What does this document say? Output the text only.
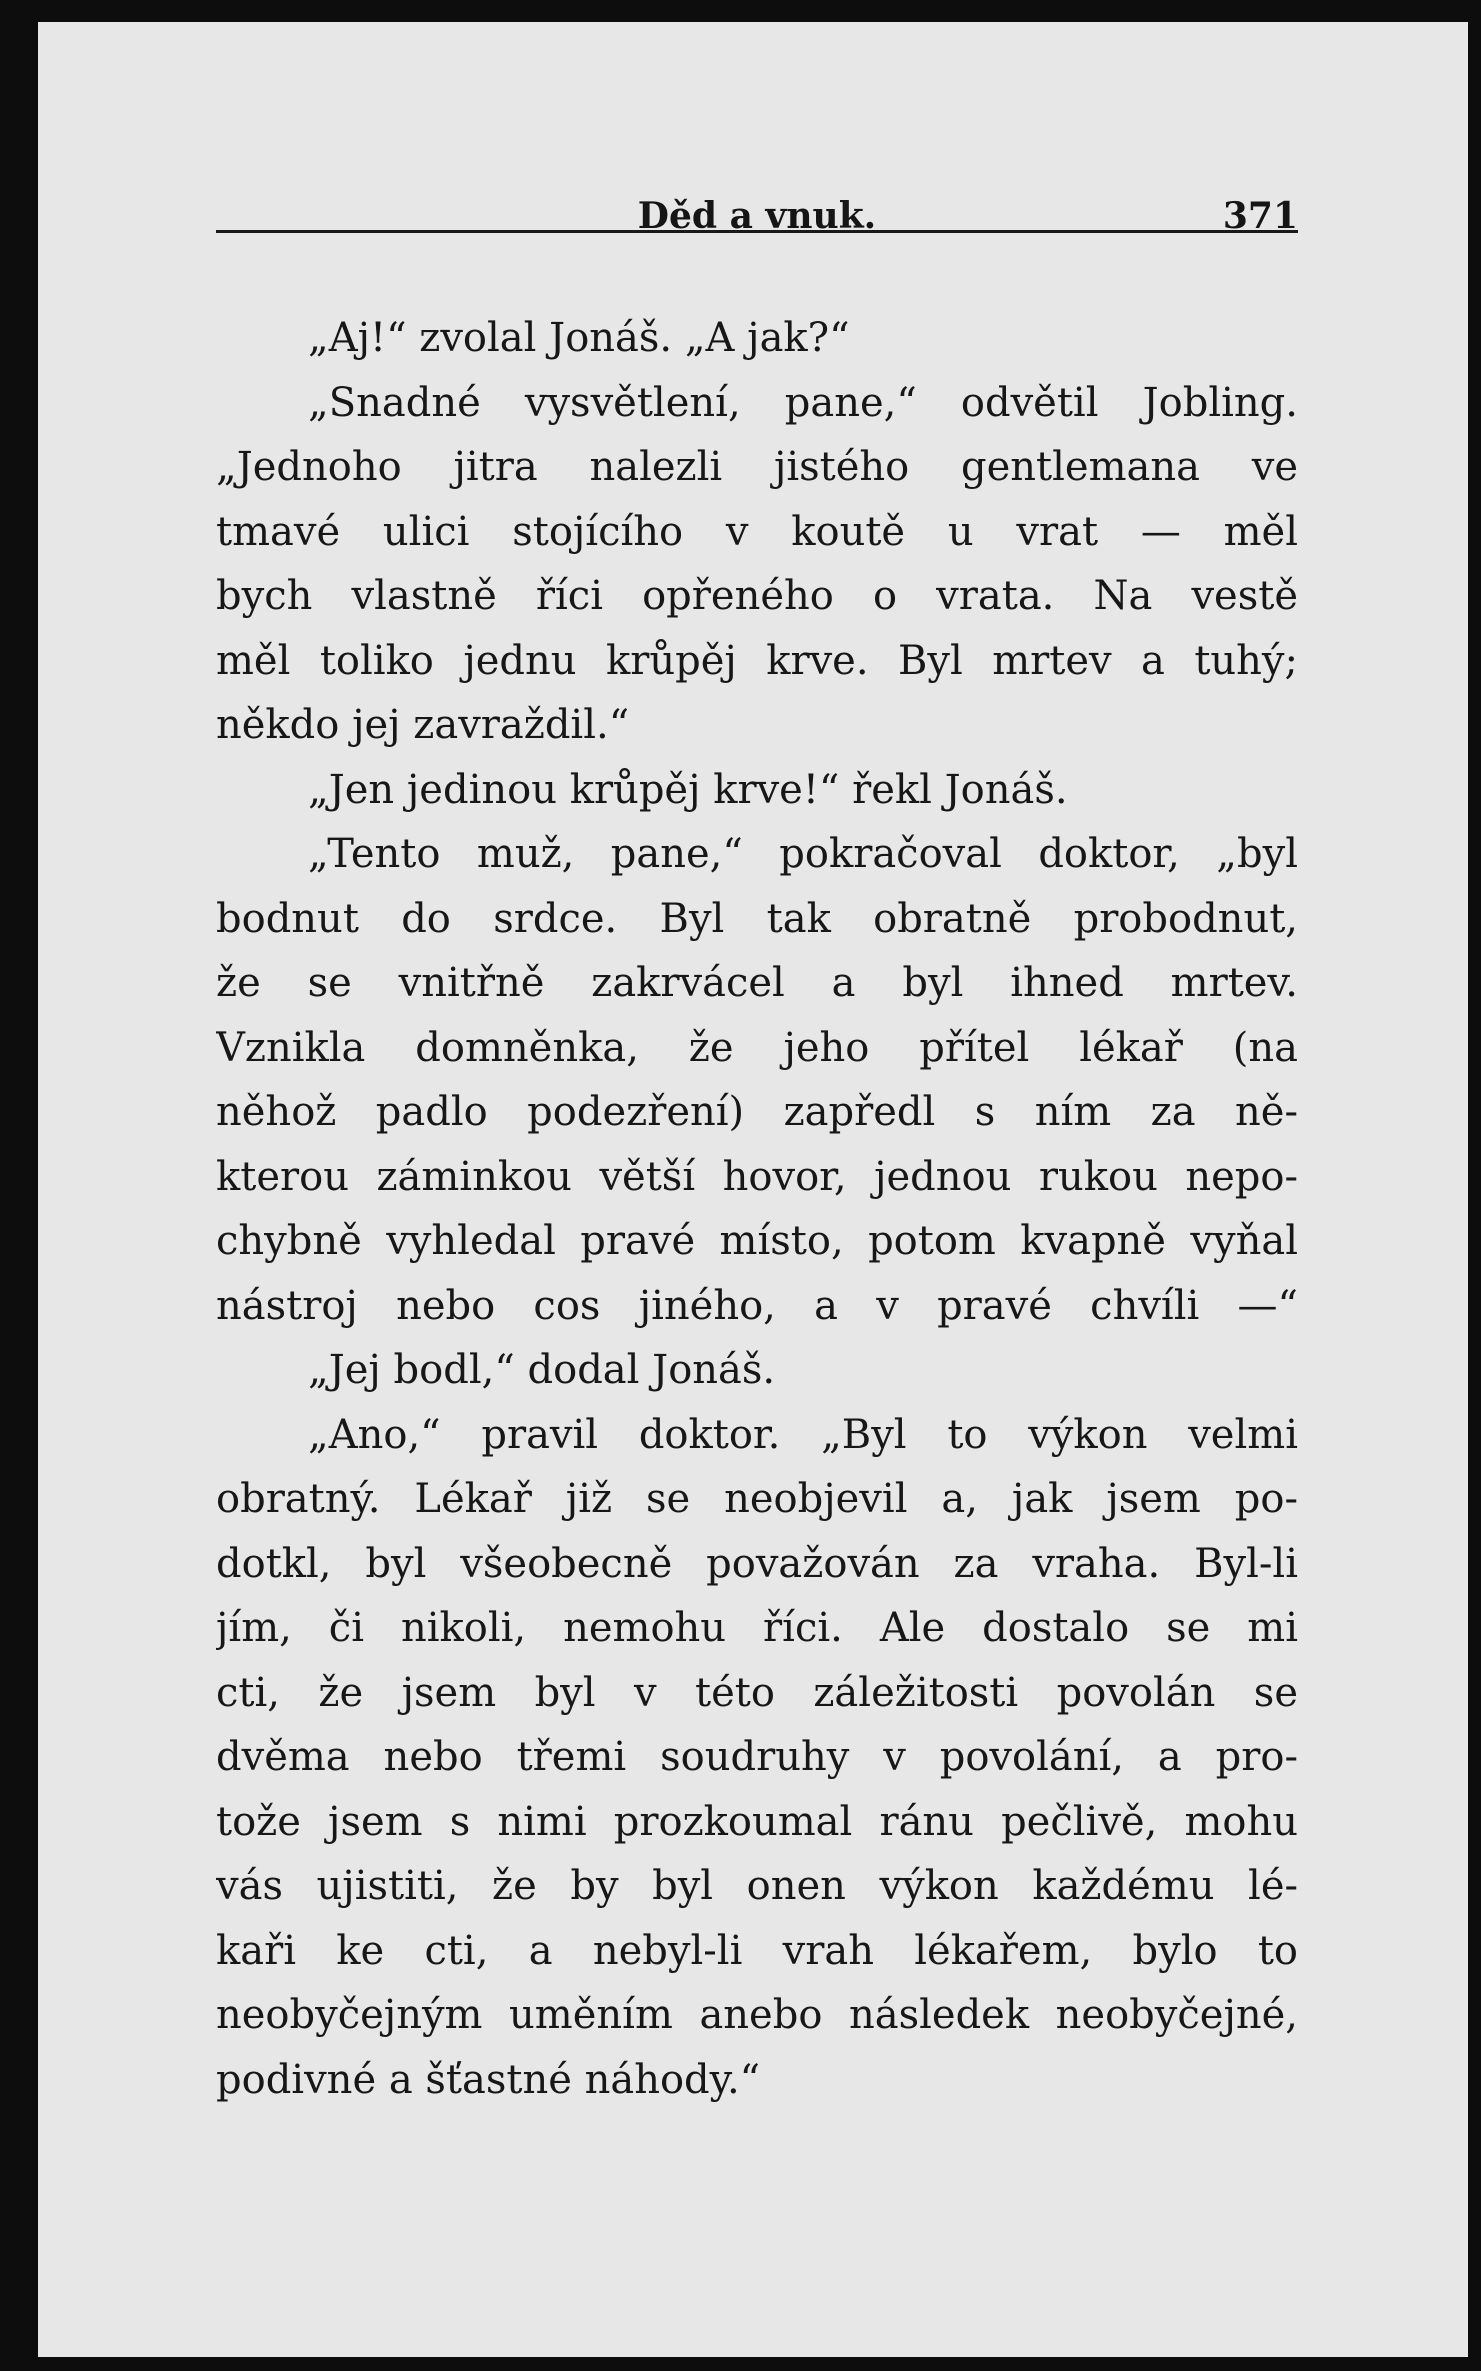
Děd a vnuk.	371
„Aj!“ zvolal Jonáš. „A jak?“
„Snadné vysvětlení, pane,“ odvětil Jobling.
„Jednoho jitra nalezli jistého gentlemana ve
tmavé ulici stojícího v koutě u vrat — měl
bych vlastně říci opřeného o vrata. Na vestě
měl toliko jednu krůpěj krve. Byl mrtev a tuhý;
někdo jej zavraždil.“
„Jen jedinou krůpěj krve!“ řekl Jonáš.
„Tento muž, pane,“ pokračoval doktor, „byl
bodnut do srdce. Byl tak obratně probodnut,
že se vnitřně zakrvácel a byl ihned mrtev.
Vznikla domněnka, že jeho přítel lékař (na
něhož padlo podezření) zapředl s ním za ně-
kterou záminkou větší hovor, jednou rukou nepo-
chybně vyhledal pravé místo, potom kvapně vyňal
nástroj nebo cos jiného, a v pravé chvíli —“
„Jej bodl,“ dodal Jonáš.
„Ano,“ pravil doktor. „Byl to výkon velmi
obratný. Lékař již se neobjevil a, jak jsem po-
dotkl, byl všeobecně považován za vraha. Byl-li
jím, či nikoli, nemohu říci. Ale dostalo se mi
cti, že jsem byl v této záležitosti povolán se
dvěma nebo třemi soudruhy v povolání, a pro-
tože jsem s nimi prozkoumal ránu pečlivě, mohu
vás ujistiti, že by byl onen výkon každému lé-
kaři ke cti, a nebyl-li vrah lékařem, bylo to
neobyčejným uměním anebo následek neobyčejné,
podivné a šťastné náhody.“
